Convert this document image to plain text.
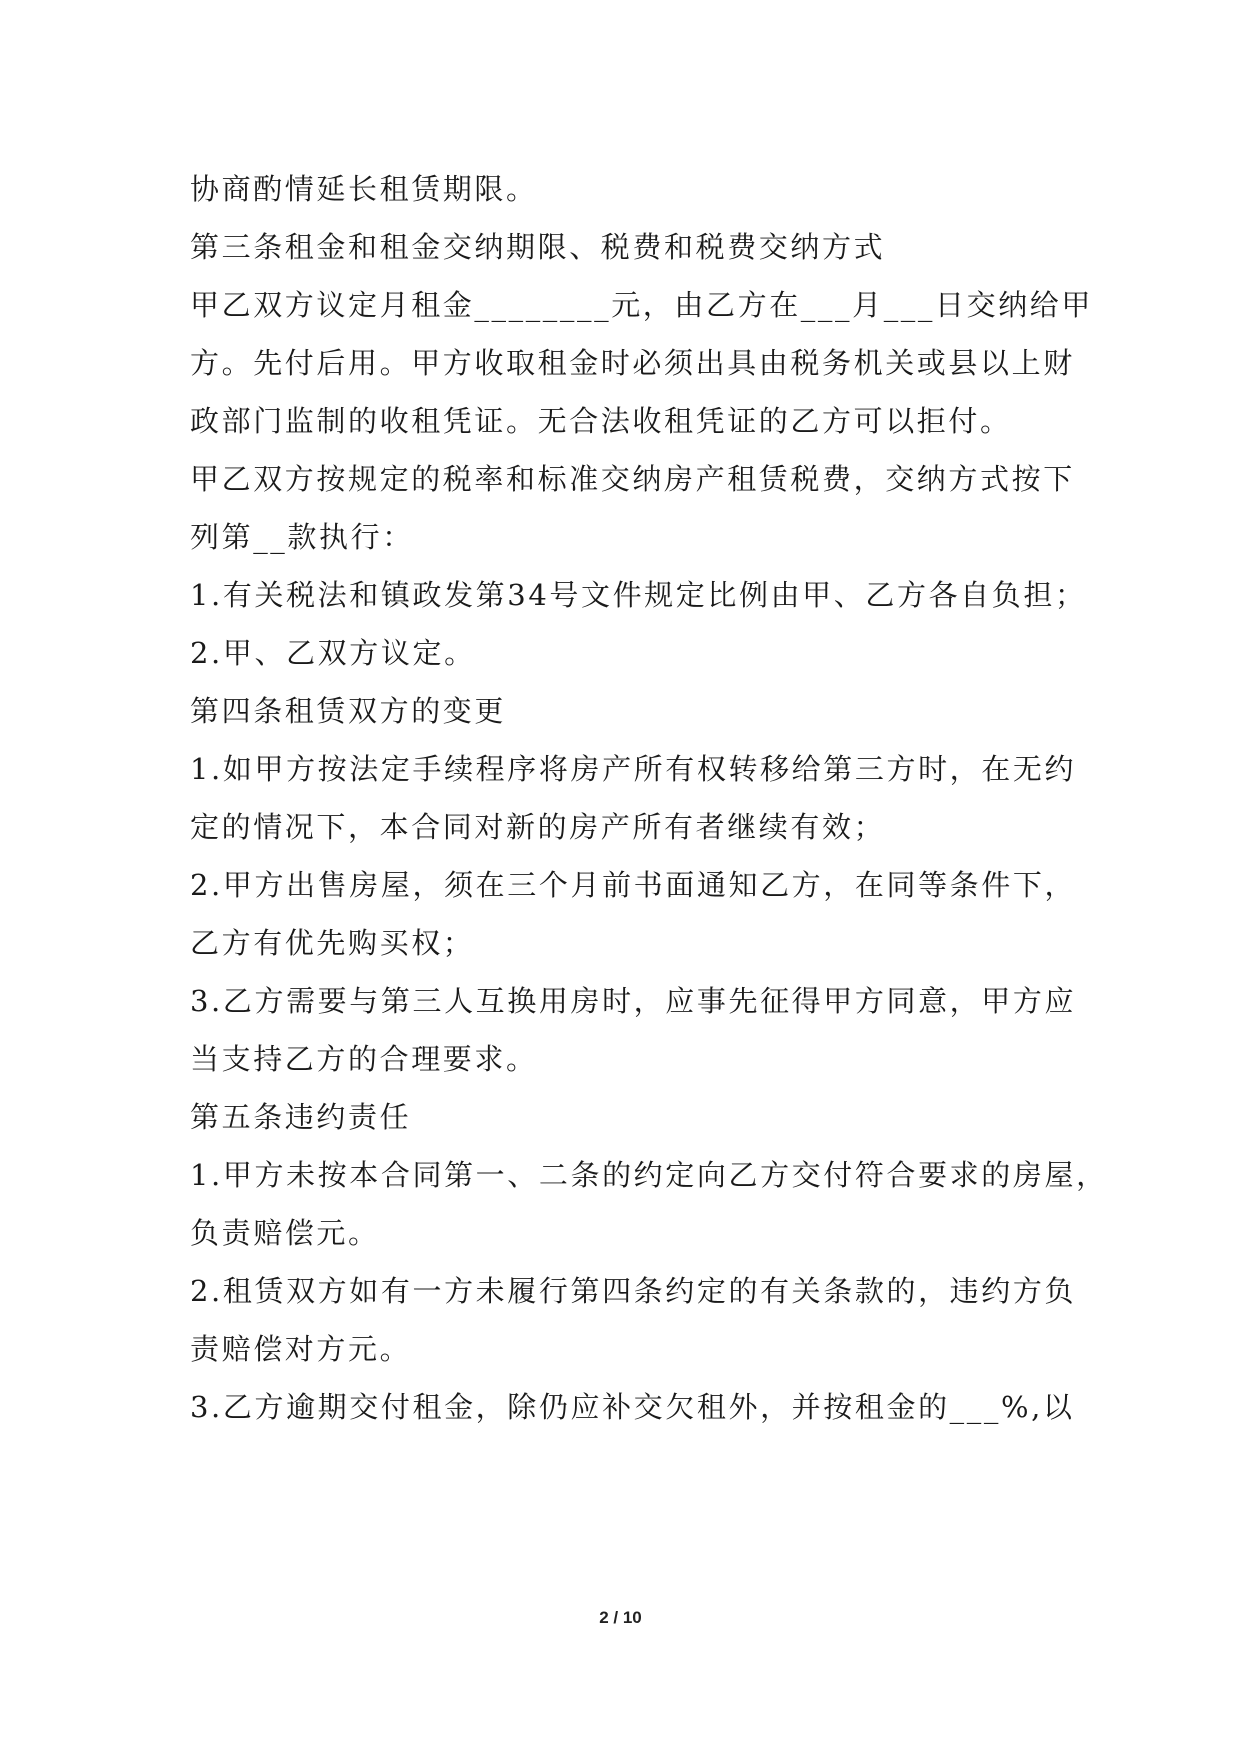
协商酌情延长租赁期限。

第三条租金和租金交纳期限、税费和税费交纳方式

甲乙双方议定月租金________元，由乙方在___月___日交纳给甲

方。先付后用。甲方收取租金时必须出具由税务机关或县以上财

政部门监制的收租凭证。无合法收租凭证的乙方可以拒付。

甲乙双方按规定的税率和标准交纳房产租赁税费，交纳方式按下

列第__款执行：

1.有关税法和镇政发第34号文件规定比例由甲、乙方各自负担；

2.甲、乙双方议定。

第四条租赁双方的变更

1.如甲方按法定手续程序将房产所有权转移给第三方时，在无约

定的情况下，本合同对新的房产所有者继续有效；

2.甲方出售房屋，须在三个月前书面通知乙方，在同等条件下，

乙方有优先购买权；

3.乙方需要与第三人互换用房时，应事先征得甲方同意，甲方应

当支持乙方的合理要求。

第五条违约责任

1.甲方未按本合同第一、二条的约定向乙方交付符合要求的房屋，

负责赔偿元。

2.租赁双方如有一方未履行第四条约定的有关条款的，违约方负

责赔偿对方元。

3.乙方逾期交付租金，除仍应补交欠租外，并按租金的___%,以

2 / 10
